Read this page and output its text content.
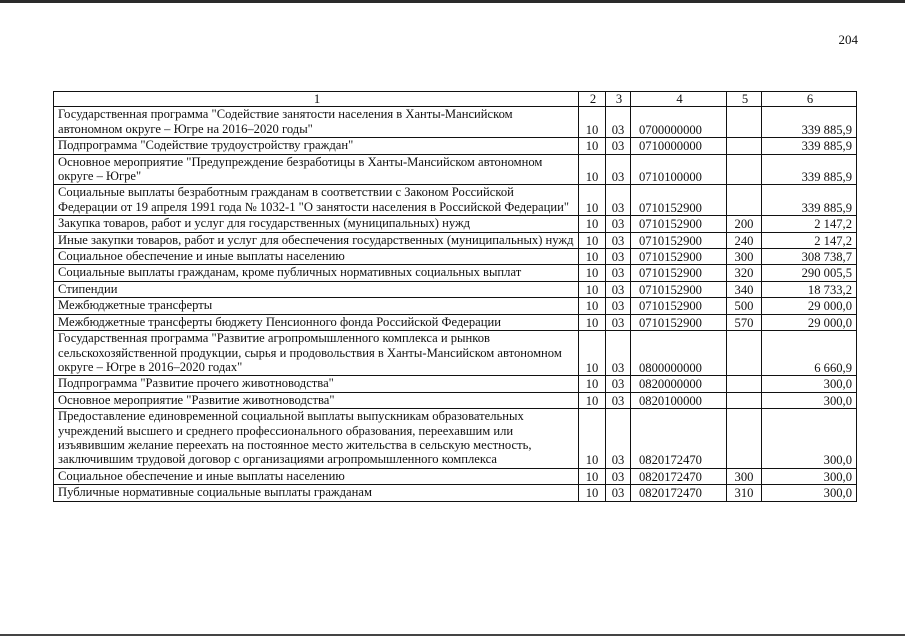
204
1	2	3	4	5	6
Государственная программа "Содействие занятости населения в Ханты-Мансийском автономном округе – Югре на 2016–2020 годы"	10	03	0700000000		339 885,9
Подпрограмма "Содействие трудоустройству граждан"	10	03	0710000000		339 885,9
Основное мероприятие "Предупреждение безработицы в Ханты-Мансийском автономном округе – Югре"	10	03	0710100000		339 885,9
Социальные выплаты безработным гражданам в соответствии с Законом Российской Федерации от 19 апреля 1991 года № 1032-1 "О занятости населения в Российской Федерации"	10	03	0710152900		339 885,9
Закупка товаров, работ и услуг для государственных (муниципальных) нужд	10	03	0710152900	200	2 147,2
Иные закупки товаров, работ и услуг для обеспечения государственных (муниципальных) нужд	10	03	0710152900	240	2 147,2
Социальное обеспечение и иные выплаты населению	10	03	0710152900	300	308 738,7
Социальные выплаты гражданам, кроме публичных нормативных социальных выплат	10	03	0710152900	320	290 005,5
Стипендии	10	03	0710152900	340	18 733,2
Межбюджетные трансферты	10	03	0710152900	500	29 000,0
Межбюджетные трансферты бюджету Пенсионного фонда Российской Федерации	10	03	0710152900	570	29 000,0
Государственная программа "Развитие агропромышленного комплекса и рынков сельскохозяйственной продукции, сырья и продовольствия в Ханты-Мансийском автономном округе – Югре в 2016–2020 годах"	10	03	0800000000		6 660,9
Подпрограмма "Развитие прочего животноводства"	10	03	0820000000		300,0
Основное мероприятие "Развитие животноводства"	10	03	0820100000		300,0
Предоставление единовременной социальной выплаты выпускникам образовательных учреждений высшего и среднего профессионального образования, переехавшим или изъявившим желание переехать на постоянное место жительства в сельскую местность, заключившим трудовой договор с организациями агропромышленного комплекса	10	03	0820172470		300,0
Социальное обеспечение и иные выплаты населению	10	03	0820172470	300	300,0
Публичные нормативные социальные выплаты гражданам	10	03	0820172470	310	300,0
